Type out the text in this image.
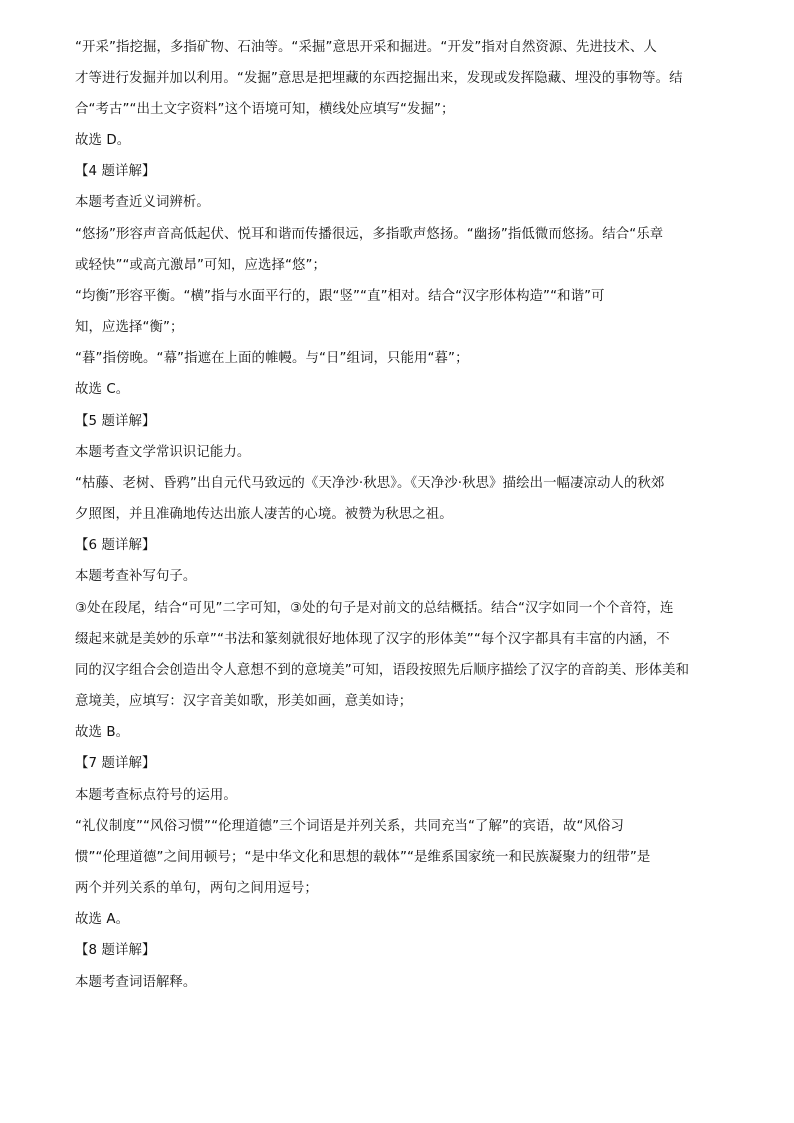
“开采”指挖掘，多指矿物、石油等。“采掘”意思开采和掘进。“开发”指对自然资源、先进技术、人
才等进行发掘并加以利用。“发掘”意思是把埋藏的东西挖掘出来，发现或发挥隐藏、埋没的事物等。结
合“考古”“出土文字资料”这个语境可知，横线处应填写“发掘”；
故选 D。
【4 题详解】
本题考查近义词辨析。
“悠扬”形容声音高低起伏、悦耳和谐而传播很远，多指歌声悠扬。“幽扬”指低微而悠扬。结合“乐章
或轻快”“或高亢激昂”可知，应选择“悠”；
“均衡”形容平衡。“横”指与水面平行的，跟“竖”“直”相对。结合“汉字形体构造”“和谐”可
知，应选择“衡”；
“暮”指傍晚。“幕”指遮在上面的帷幔。与“日”组词，只能用“暮”；
故选 C。
【5 题详解】
本题考查文学常识识记能力。
“枯藤、老树、昏鸦”出自元代马致远的《天净沙·秋思》。《天净沙·秋思》描绘出一幅凄凉动人的秋郊
夕照图，并且准确地传达出旅人凄苦的心境。被赞为秋思之祖。
【6 题详解】
本题考查补写句子。
③处在段尾，结合“可见”二字可知，③处的句子是对前文的总结概括。结合“汉字如同一个个音符，连
缀起来就是美妙的乐章”“书法和篆刻就很好地体现了汉字的形体美”“每个汉字都具有丰富的内涵，不
同的汉字组合会创造出令人意想不到的意境美”可知，语段按照先后顺序描绘了汉字的音韵美、形体美和
意境美，应填写：汉字音美如歌，形美如画，意美如诗；
故选 B。
【7 题详解】
本题考查标点符号的运用。
“礼仪制度”“风俗习惯”“伦理道德”三个词语是并列关系，共同充当“了解”的宾语，故“风俗习
惯”“伦理道德”之间用顿号；“是中华文化和思想的载体”“是维系国家统一和民族凝聚力的纽带”是
两个并列关系的单句，两句之间用逗号；
故选 A。
【8 题详解】
本题考查词语解释。
